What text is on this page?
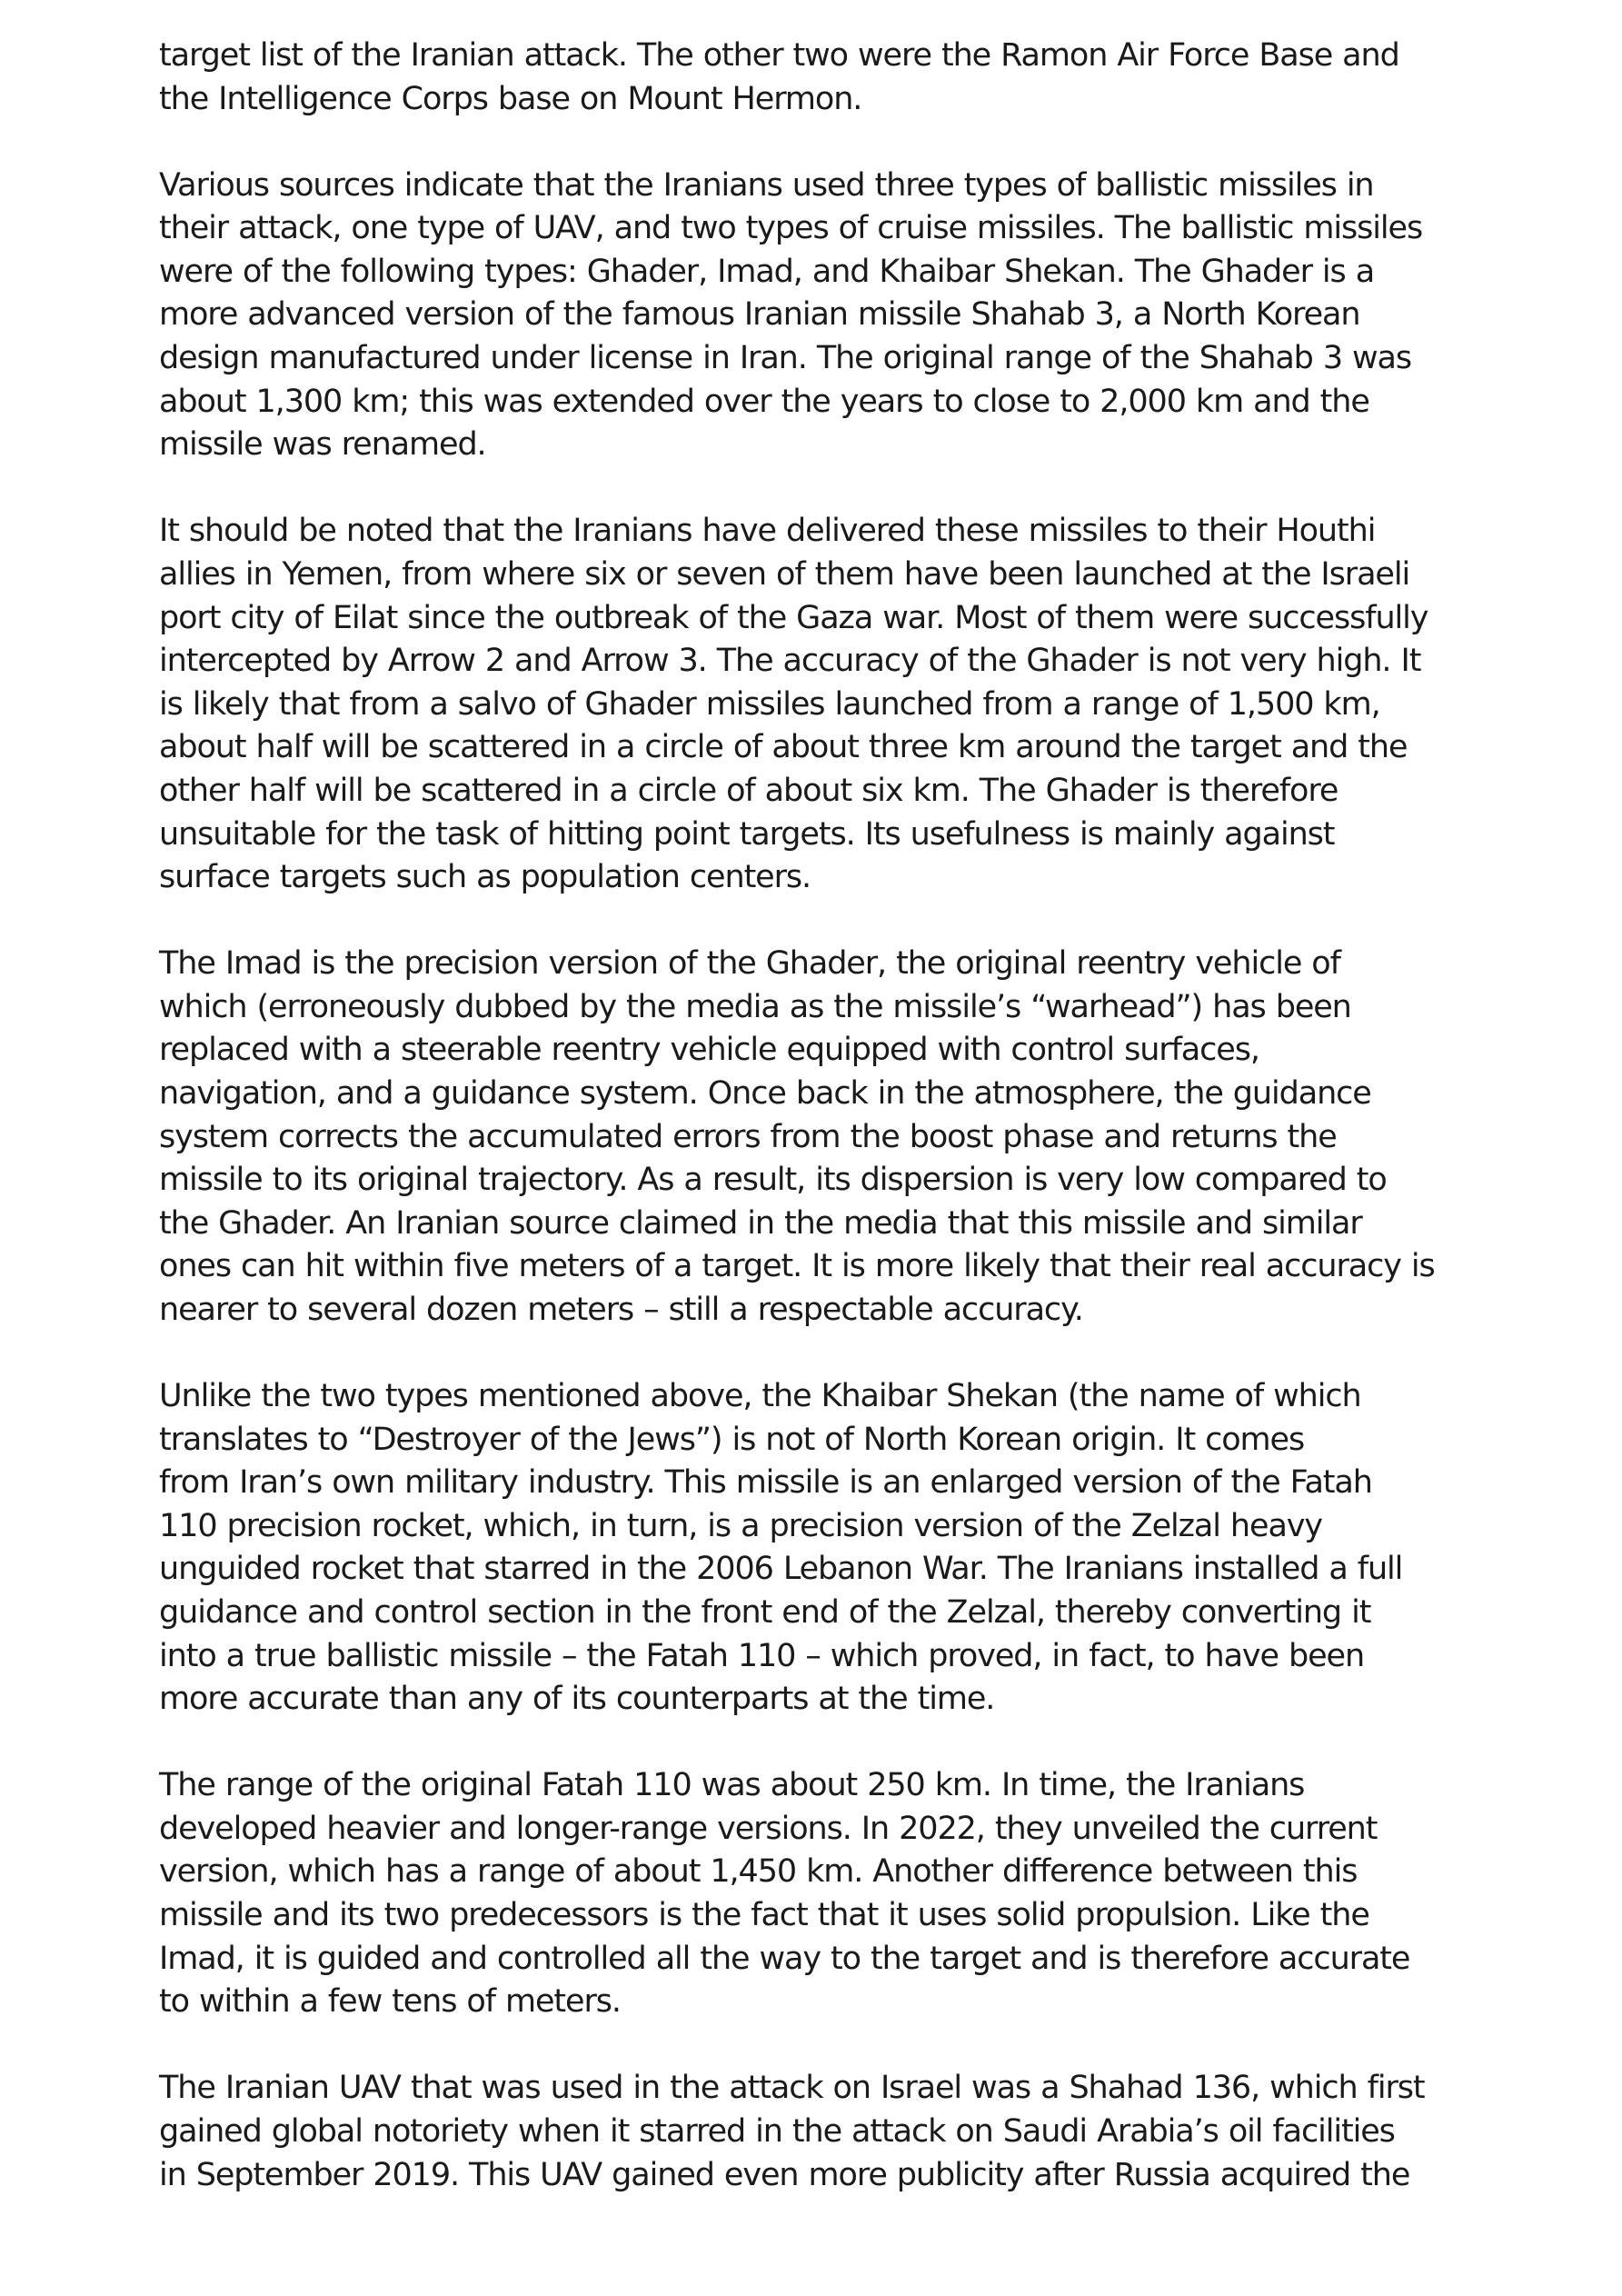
target list of the Iranian attack. The other two were the Ramon Air Force Base and
the Intelligence Corps base on Mount Hermon.

Various sources indicate that the Iranians used three types of ballistic missiles in
their attack, one type of UAV, and two types of cruise missiles. The ballistic missiles
were of the following types: Ghader, Imad, and Khaibar Shekan. The Ghader is a
more advanced version of the famous Iranian missile Shahab 3, a North Korean
design manufactured under license in Iran. The original range of the Shahab 3 was
about 1,300 km; this was extended over the years to close to 2,000 km and the
missile was renamed.

It should be noted that the Iranians have delivered these missiles to their Houthi
allies in Yemen, from where six or seven of them have been launched at the Israeli
port city of Eilat since the outbreak of the Gaza war. Most of them were successfully
intercepted by Arrow 2 and Arrow 3. The accuracy of the Ghader is not very high. It
is likely that from a salvo of Ghader missiles launched from a range of 1,500 km,
about half will be scattered in a circle of about three km around the target and the
other half will be scattered in a circle of about six km. The Ghader is therefore
unsuitable for the task of hitting point targets. Its usefulness is mainly against
surface targets such as population centers.

The Imad is the precision version of the Ghader, the original reentry vehicle of
which (erroneously dubbed by the media as the missile’s “warhead”) has been
replaced with a steerable reentry vehicle equipped with control surfaces,
navigation, and a guidance system. Once back in the atmosphere, the guidance
system corrects the accumulated errors from the boost phase and returns the
missile to its original trajectory. As a result, its dispersion is very low compared to
the Ghader. An Iranian source claimed in the media that this missile and similar
ones can hit within five meters of a target. It is more likely that their real accuracy is
nearer to several dozen meters – still a respectable accuracy.

Unlike the two types mentioned above, the Khaibar Shekan (the name of which
translates to “Destroyer of the Jews”) is not of North Korean origin. It comes
from Iran’s own military industry. This missile is an enlarged version of the Fatah
110 precision rocket, which, in turn, is a precision version of the Zelzal heavy
unguided rocket that starred in the 2006 Lebanon War. The Iranians installed a full
guidance and control section in the front end of the Zelzal, thereby converting it
into a true ballistic missile – the Fatah 110 – which proved, in fact, to have been
more accurate than any of its counterparts at the time.

The range of the original Fatah 110 was about 250 km. In time, the Iranians
developed heavier and longer-range versions. In 2022, they unveiled the current
version, which has a range of about 1,450 km. Another difference between this
missile and its two predecessors is the fact that it uses solid propulsion. Like the
Imad, it is guided and controlled all the way to the target and is therefore accurate
to within a few tens of meters.

The Iranian UAV that was used in the attack on Israel was a Shahad 136, which first
gained global notoriety when it starred in the attack on Saudi Arabia’s oil facilities
in September 2019. This UAV gained even more publicity after Russia acquired the
